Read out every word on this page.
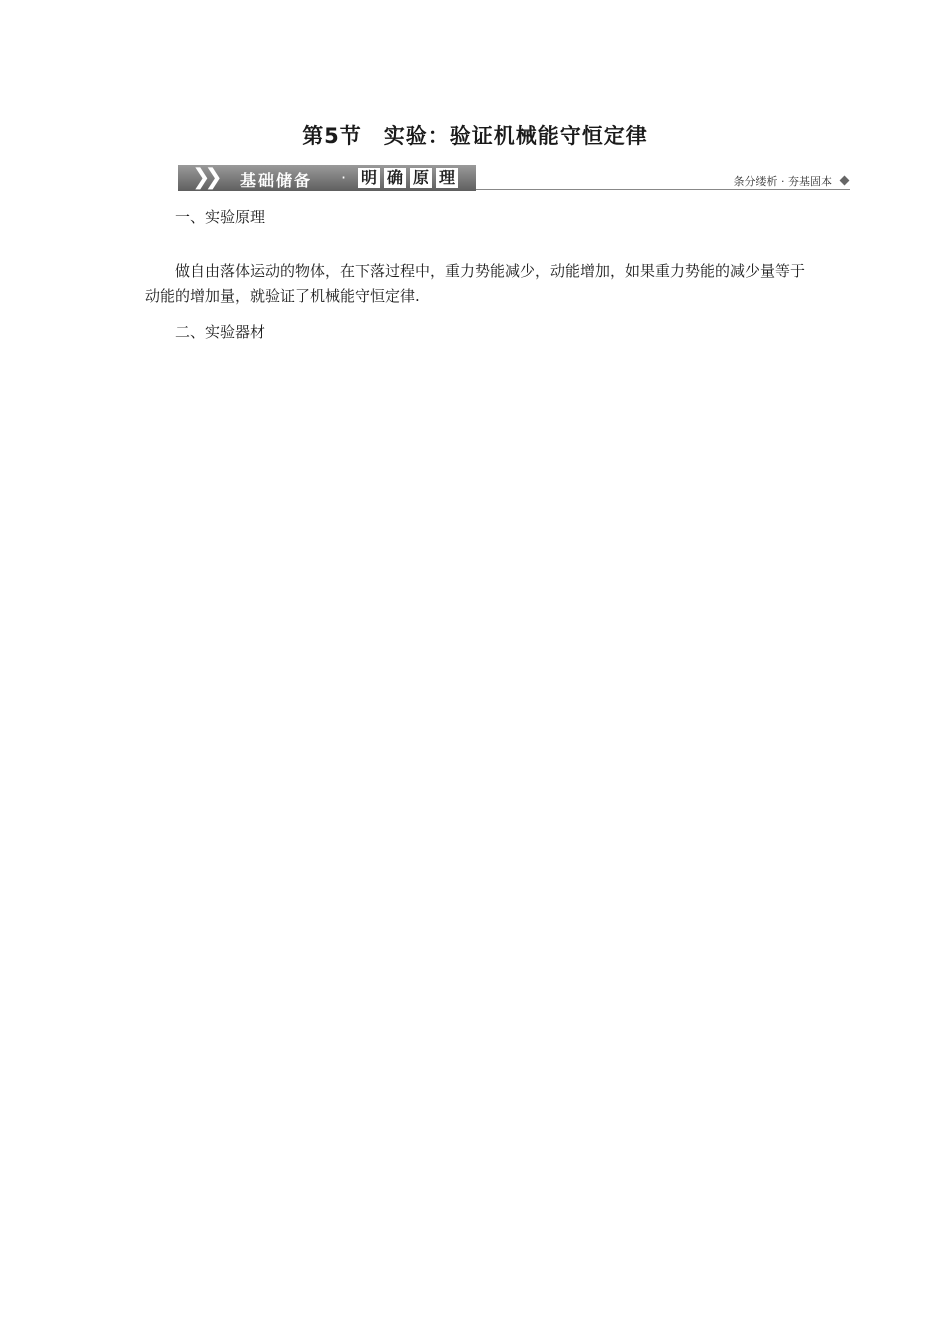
第5节　实验：验证机械能守恒定律
❯❯ 基础储备 · 明 确 原 理	条分缕析 · 夯基固本
一、实验原理
做自由落体运动的物体，在下落过程中，重力势能减少，动能增加，如果重力势能的减少量等于动能的增加量，就验证了机械能守恒定律.
二、实验器材
